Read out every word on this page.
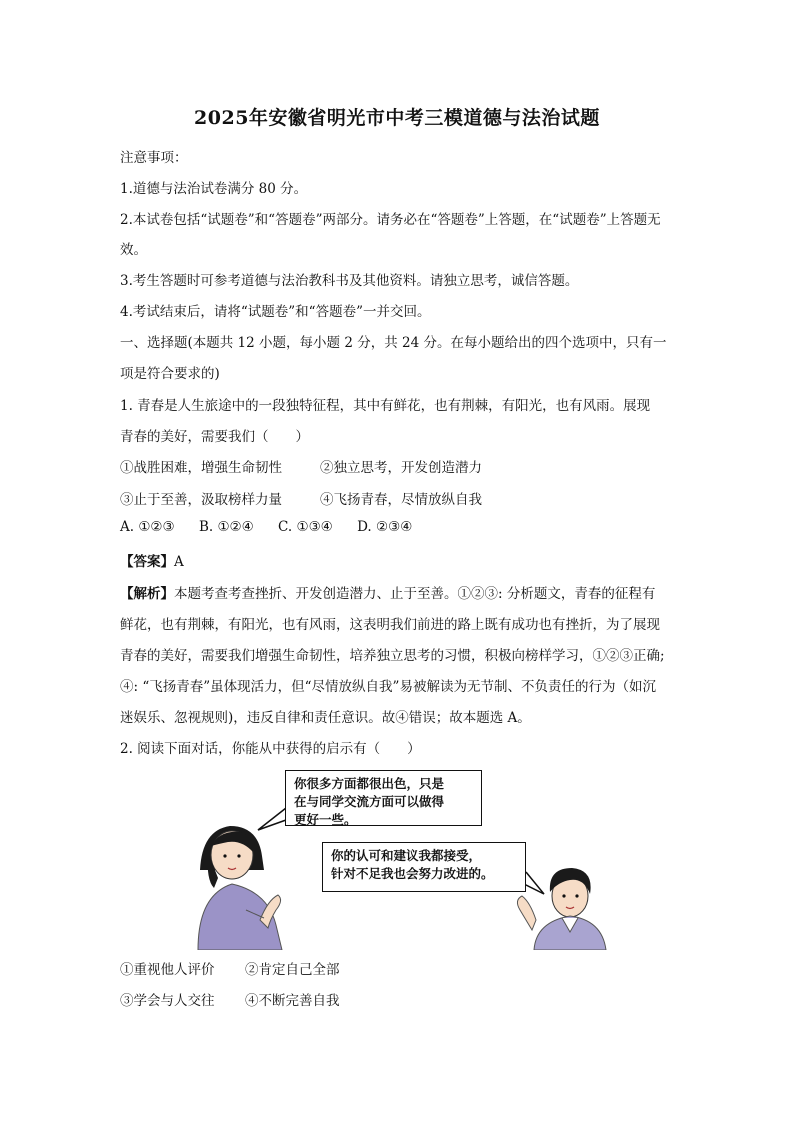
2025年安徽省明光市中考三模道德与法治试题
注意事项：
1.道德与法治试卷满分 80 分。
2.本试卷包括“试题卷”和“答题卷”两部分。请务必在“答题卷”上答题，在“试题卷”上答题无
效。
3.考生答题时可参考道德与法治教科书及其他资料。请独立思考，诚信答题。
4.考试结束后，请将“试题卷”和“答题卷”一并交回。
一、选择题(本题共 12 小题，每小题 2 分，共 24 分。在每小题给出的四个选项中，只有一
项是符合要求的)
1. 青春是人生旅途中的一段独特征程，其中有鲜花，也有荆棘，有阳光，也有风雨。展现
青春的美好，需要我们（　　）
①战胜困难，增强生命韧性	②独立思考，开发创造潜力
③止于至善，汲取榜样力量	④飞扬青春，尽情放纵自我
A. ①②③ B. ①②④ C. ①③④ D. ②③④
【答案】A
【解析】本题考查考查挫折、开发创造潜力、止于至善。①②③: 分析题文，青春的征程有
鲜花，也有荆棘，有阳光，也有风雨，这表明我们前进的路上既有成功也有挫折，为了展现
青春的美好，需要我们增强生命韧性，培养独立思考的习惯，积极向榜样学习，①②③正确;
④: “飞扬青春”虽体现活力，但“尽情放纵自我”易被解读为无节制、不负责任的行为（如沉
迷娱乐、忽视规则)，违反自律和责任意识。故④错误；故本题选 A。
2. 阅读下面对话，你能从中获得的启示有（　　）
你很多方面都很出色，只是
在与同学交流方面可以做得
更好一些。
你的认可和建议我都接受，
针对不足我也会努力改进的。
①重视他人评价 ②肯定自己全部
③学会与人交往 ④不断完善自我
